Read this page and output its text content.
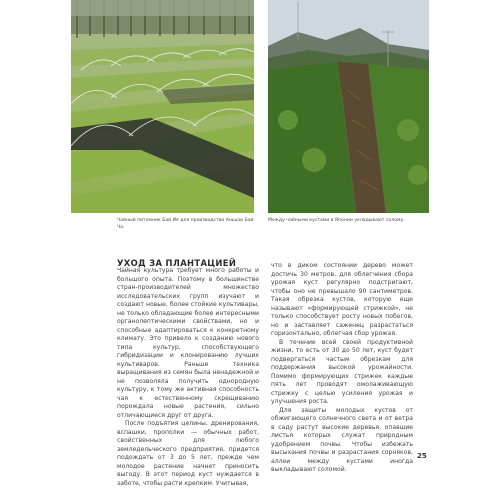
Чайный питомник Бай Ие для производства Аньцзи Бай Ча.
Между чайными кустами в Японии укладывают солому.
УХОД ЗА ПЛАНТАЦИЕЙ

Чайная культура требует много работы и большого опыта. Поэтому в большинстве стран-производителей множество исследовательских групп изучают и создают новые, более стойкие культивары, не только обладающие более интересными органолептическими свойствами, но и способные адаптироваться к конкретному климату. Это привело к созданию нового типа культур, способствующего гибридизации и клонированию лучших культиваров. Раньше техника выращивания из семян была ненадежной и не позволяла получить однородную культуру, к тому же активная способность чая к естественному скрещиванию порождала новые растения, сильно отличающиеся друг от друга.

После подъятия целины, дренирования, вспашки, прополки — обычных работ, свойственных для любого земледельческого предприятия, придется подождать от 3 до 5 лет, прежде чем молодое растение начнет приносить выгоду. В этот период куст нуждается в заботе, чтобы расти крепким. Учитывая,

что в диком состоянии дерево может достичь 30 метров, для облегчения сбора урожая куст регулярно подстригают, чтобы оно не превышало 90 сантиметров. Такая обрезка кустов, которую еще называют «формирующей стрижкой», не только способствует росту новых побегов, но и заставляет саженец разрастаться горизонтально, облегчая сбор урожая.

В течение всей своей продуктивной жизни, то есть от 30 до 50 лет, куст будет подвергаться частым обрезкам для поддержания высокой урожайности. Помимо формирующих стрижек каждые пять лет проводят омолаживающую стрижку с целью усиления урожая и улучшения роста.

Для защиты молодых кустов от обжигающего солнечного света и от ветра в саду растут высокие деревья, опавшие листья которых служат природным удобрением почвы. Чтобы избежать высыхания почвы и разрастания сорняков, аллеи между кустами иногда выкладывают соломой.

25
